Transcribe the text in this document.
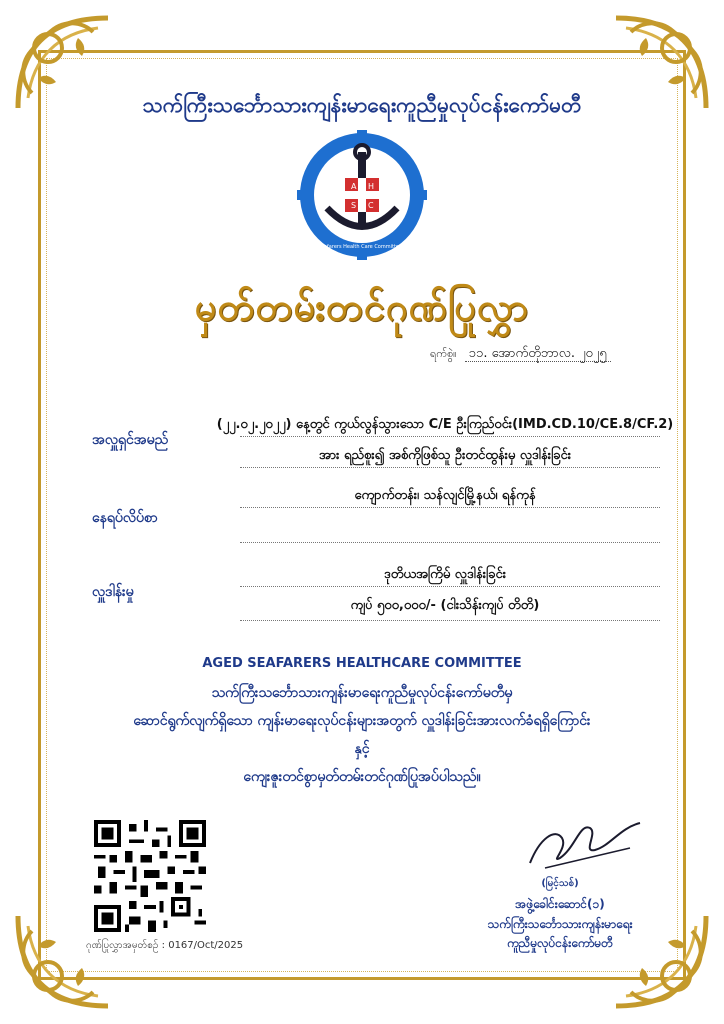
သက်ကြီးသင်္ဘောသားကျန်းမာရေးကူညီမှုလုပ်ငန်းကော်မတီ
A
S
H
C
Aged Seafarers Health Care Committee · ASHC
မှတ်တမ်းတင်ဂုဏ်ပြုလွှာ
ရက်စွဲ။ ၁၁. အောက်တိုဘာလ. ၂၀၂၅
အလှူရှင်အမည်
(၂၂.၀၂.၂၀၂၂) နေ့တွင် ကွယ်လွန်သွားသော C/E ဦးကြည်ဝင်း(IMD.CD.10/CE.8/CF.2)
အား ရည်စူး၍ အစ်ကိုဖြစ်သူ ဦးတင်ထွန်းမှ လှူဒါန်းခြင်း
ကျောက်တန်း၊ သန်လျင်မြို့နယ်၊ ရန်ကုန်
နေရပ်လိပ်စာ
ဒုတိယအကြိမ် လှူဒါန်းခြင်း
လှူဒါန်းမှု
ကျပ် ၅၀၀,၀၀၀/- (ငါးသိန်းကျပ် တိတိ)
AGED SEAFARERS HEALTHCARE COMMITTEE
သက်ကြီးသင်္ဘောသားကျန်းမာရေးကူညီမှုလုပ်ငန်းကော်မတီမှ
ဆောင်ရွက်လျက်ရှိသော ကျန်းမာရေးလုပ်ငန်းများအတွက် လှူဒါန်းခြင်းအားလက်ခံရရှိကြောင်း
နှင့်
ကျေးဇူးတင်စွာမှတ်တမ်းတင်ဂုဏ်ပြုအပ်ပါသည်။
ဂုဏ်ပြုလွှာအမှတ်စဉ် : 0167/Oct/2025
(မြင့်သစ်)
အဖွဲ့ခေါင်းဆောင်(၁)
သက်ကြီးသင်္ဘောသားကျန်းမာရေး
ကူညီမှုလုပ်ငန်းကော်မတီ
